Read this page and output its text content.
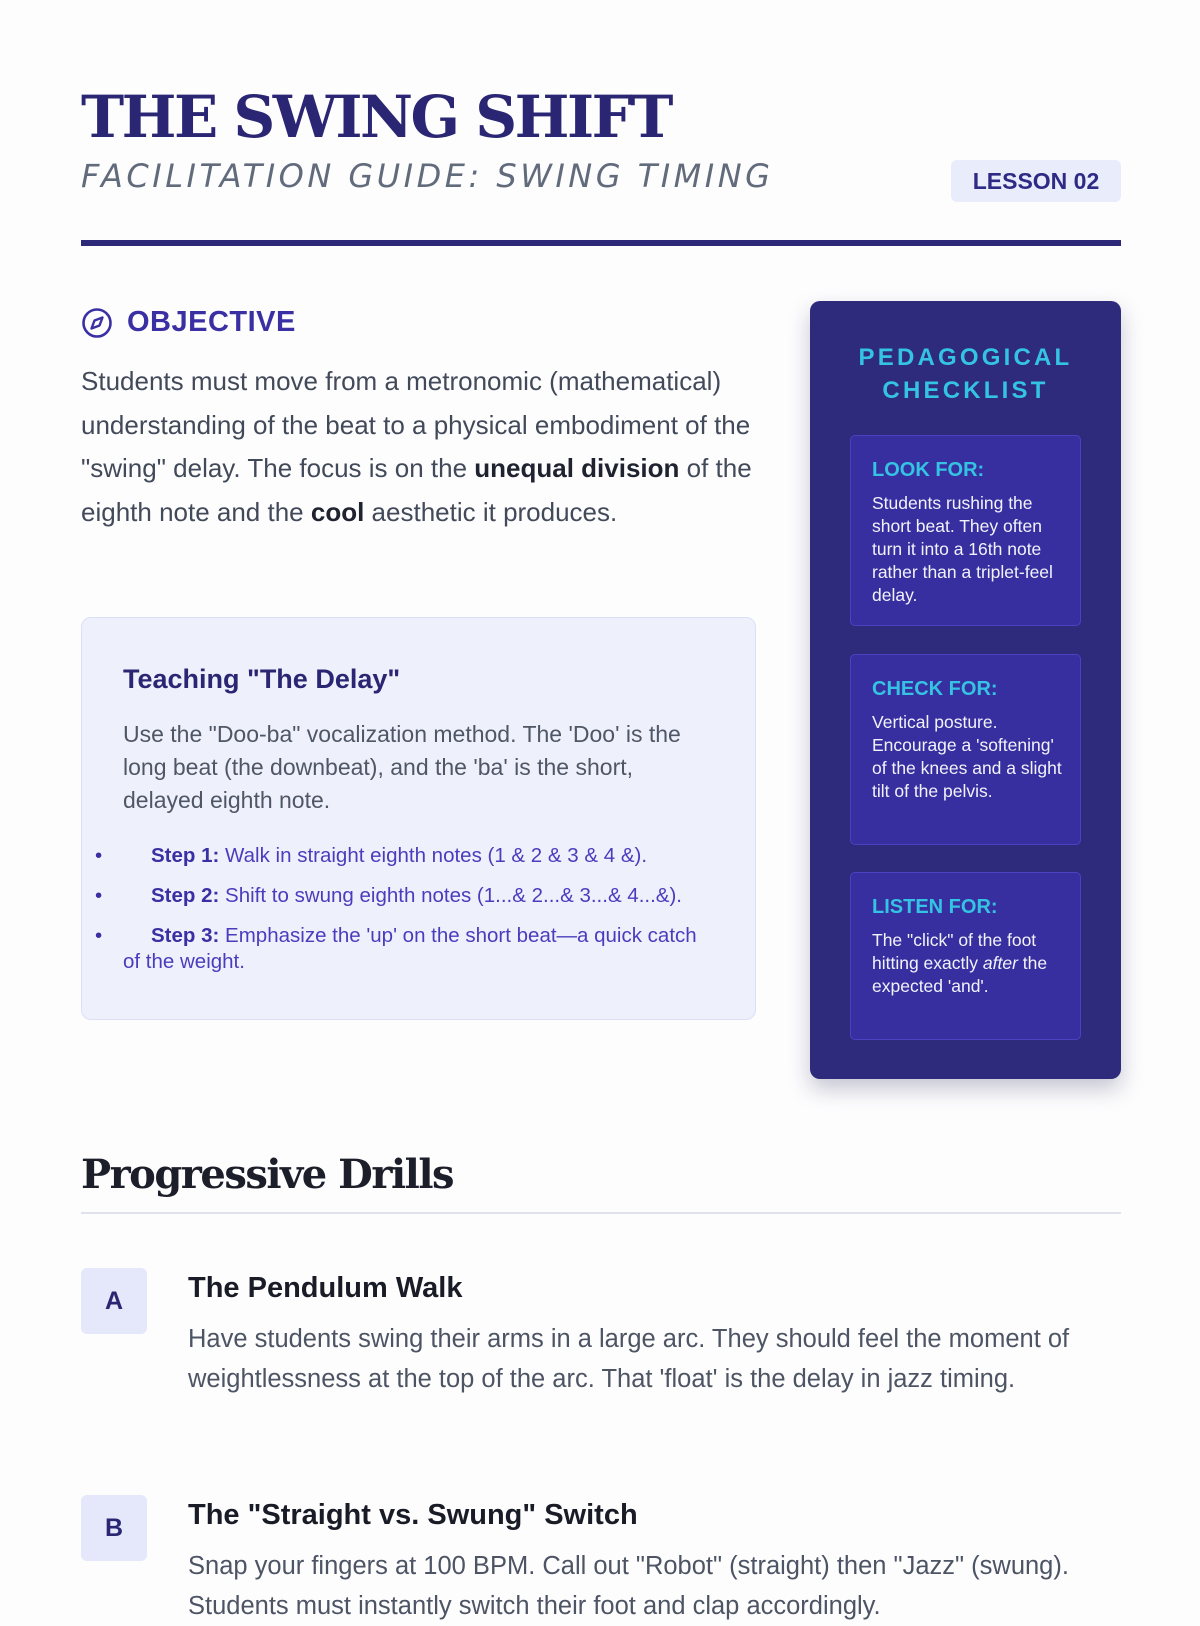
THE SWING SHIFT
FACILITATION GUIDE: SWING TIMING	LESSON 02
OBJECTIVE

Students must move from a metronomic (mathematical) understanding of the beat to a physical embodiment of the "swing" delay. The focus is on the unequal division of the eighth note and the cool aesthetic it produces.

Teaching "The Delay"

Use the "Doo-ba" vocalization method. The 'Doo' is the long beat (the downbeat), and the 'ba' is the short, delayed eighth note.

• Step 1: Walk in straight eighth notes (1 & 2 & 3 & 4 &).
• Step 2: Shift to swung eighth notes (1...& 2...& 3...& 4...&).
• Step 3: Emphasize the 'up' on the short beat—a quick catch of the weight.
PEDAGOGICAL
CHECKLIST
LOOK FOR:
Students rushing the short beat. They often turn it into a 16th note rather than a triplet-feel delay.
CHECK FOR:
Vertical posture. Encourage a 'softening' of the knees and a slight tilt of the pelvis.
LISTEN FOR:
The "click" of the foot hitting exactly after the expected 'and'.
Progressive Drills
A	The Pendulum Walk

Have students swing their arms in a large arc. They should feel the moment of weightlessness at the top of the arc. That 'float' is the delay in jazz timing.

B	The "Straight vs. Swung" Switch

Snap your fingers at 100 BPM. Call out "Robot" (straight) then "Jazz" (swung). Students must instantly switch their foot and clap accordingly.
